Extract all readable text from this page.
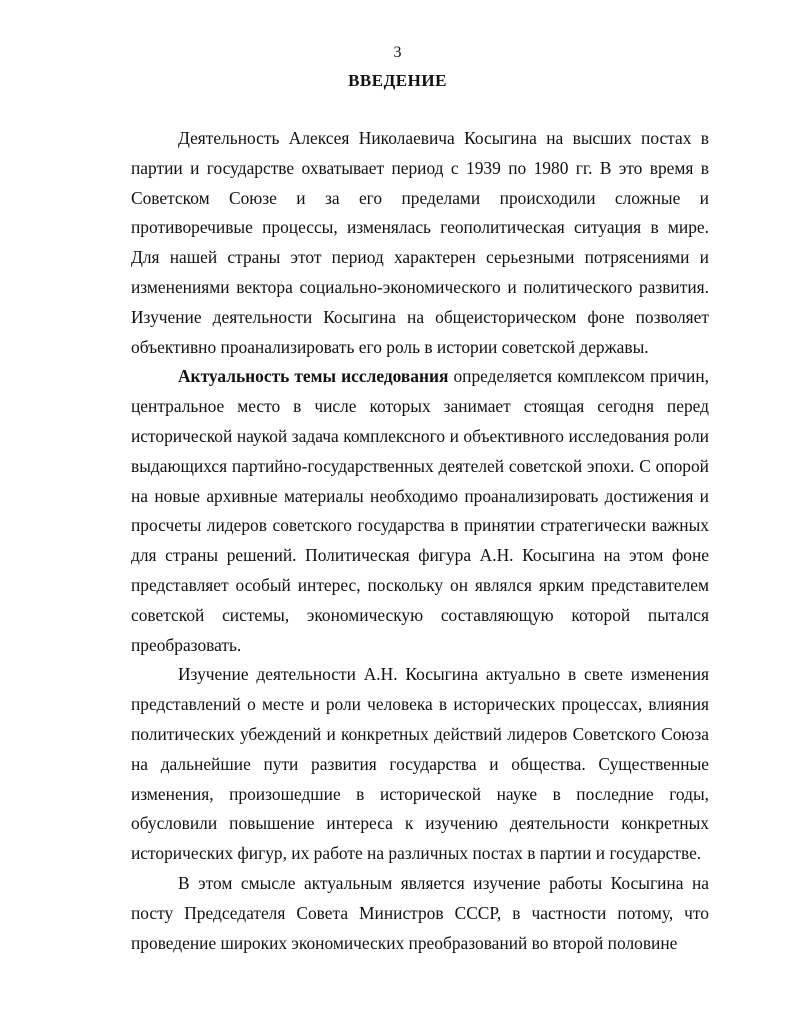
3
ВВЕДЕНИЕ

Деятельность Алексея Николаевича Косыгина на высших постах в партии и государстве охватывает период с 1939 по 1980 гг. В это время в Советском Союзе и за его пределами происходили сложные и противоречивые процессы, изменялась геополитическая ситуация в мире. Для нашей страны этот период характерен серьезными потрясениями и изменениями вектора социально-экономического и политического развития. Изучение деятельности Косыгина на общеисторическом фоне позволяет объективно проанализировать его роль в истории советской державы.

Актуальность темы исследования определяется комплексом причин, центральное место в числе которых занимает стоящая сегодня перед исторической наукой задача комплексного и объективного исследования роли выдающихся партийно-государственных деятелей советской эпохи. С опорой на новые архивные материалы необходимо проанализировать достижения и просчеты лидеров советского государства в принятии стратегически важных для страны решений. Политическая фигура А.Н. Косыгина на этом фоне представляет особый интерес, поскольку он являлся ярким представителем советской системы, экономическую составляющую которой пытался преобразовать.

Изучение деятельности А.Н. Косыгина актуально в свете изменения представлений о месте и роли человека в исторических процессах, влияния политических убеждений и конкретных действий лидеров Советского Союза на дальнейшие пути развития государства и общества. Существенные изменения, произошедшие в исторической науке в последние годы, обусловили повышение интереса к изучению деятельности конкретных исторических фигур, их работе на различных постах в партии и государстве.

В этом смысле актуальным является изучение работы Косыгина на посту Председателя Совета Министров СССР, в частности потому, что проведение широких экономических преобразований во второй половине
